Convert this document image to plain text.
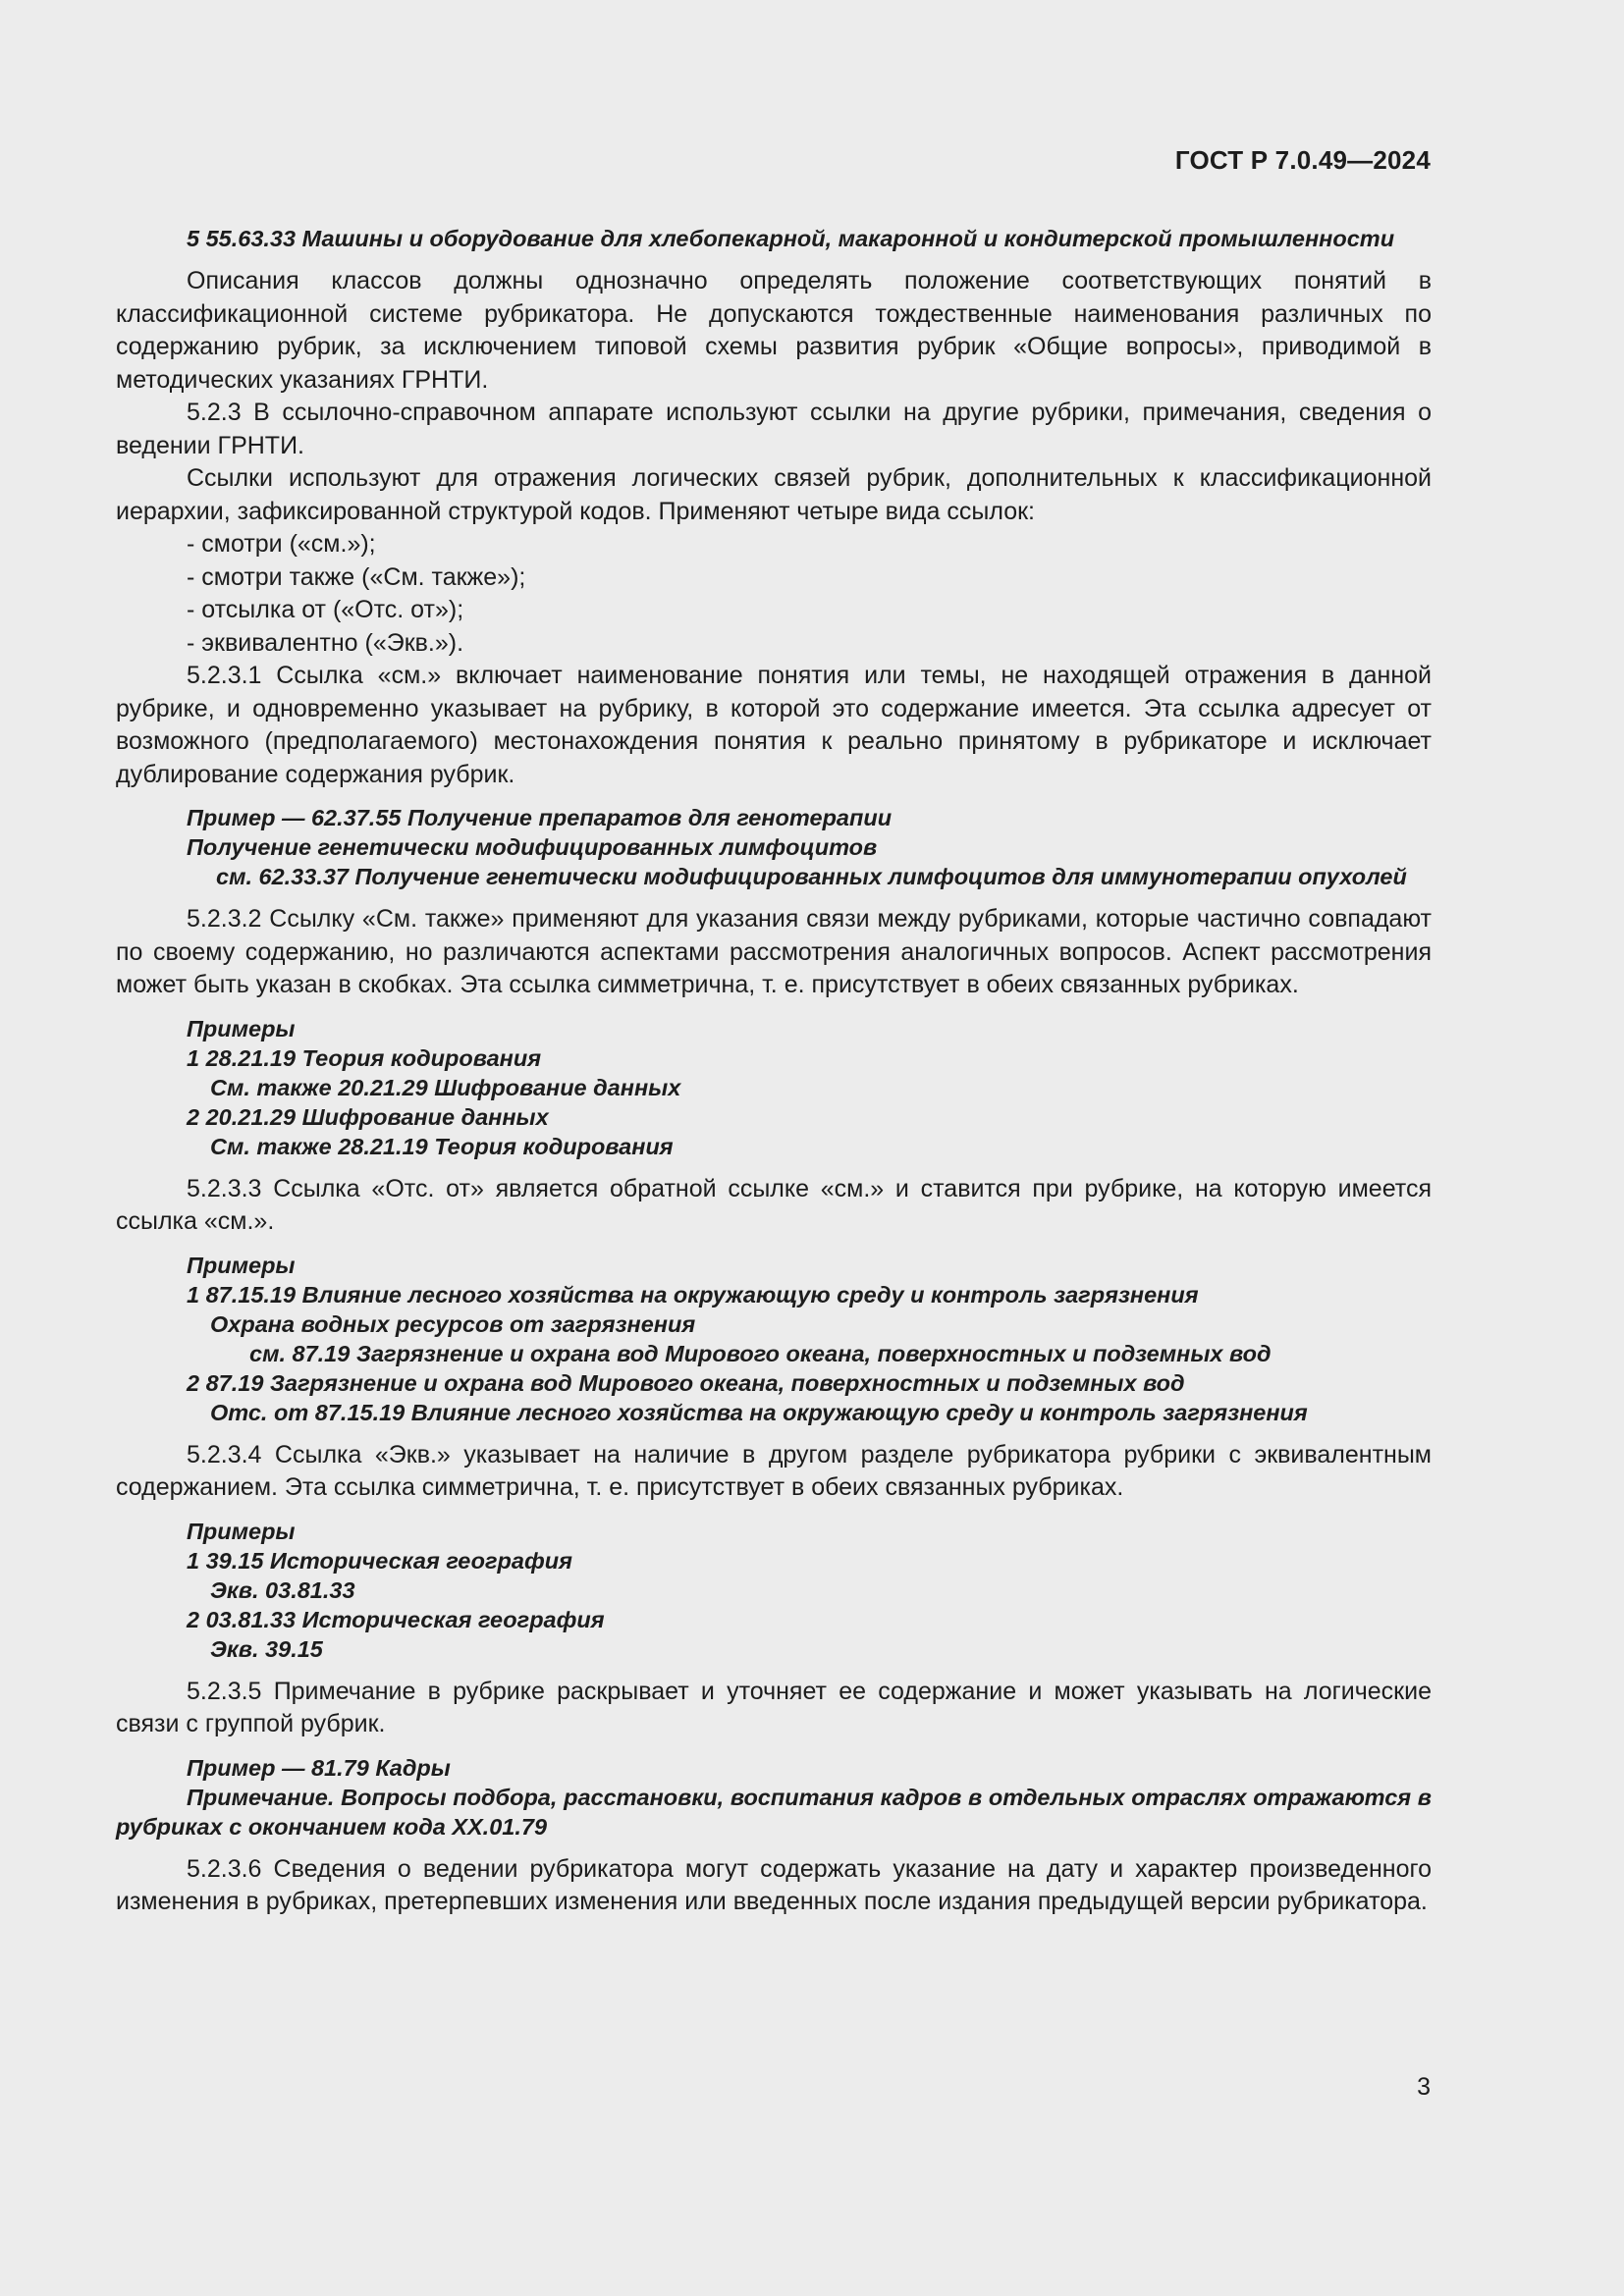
ГОСТ Р 7.0.49—2024

5 55.63.33 Машины и оборудование для хлебопекарной, макаронной и кондитерской промышленности

Описания классов должны однозначно определять положение соответствующих понятий в классификационной системе рубрикатора. Не допускаются тождественные наименования различных по содержанию рубрик, за исключением типовой схемы развития рубрик «Общие вопросы», приводимой в методических указаниях ГРНТИ.

5.2.3 В ссылочно-справочном аппарате используют ссылки на другие рубрики, примечания, сведения о ведении ГРНТИ.

Ссылки используют для отражения логических связей рубрик, дополнительных к классификационной иерархии, зафиксированной структурой кодов. Применяют четыре вида ссылок:

- смотри («см.»);

- смотри также («См. также»);

- отсылка от («Отс. от»);

- эквивалентно («Экв.»).

5.2.3.1 Ссылка «см.» включает наименование понятия или темы, не находящей отражения в данной рубрике, и одновременно указывает на рубрику, в которой это содержание имеется. Эта ссылка адресует от возможного (предполагаемого) местонахождения понятия к реально принятому в рубрикаторе и исключает дублирование содержания рубрик.

Пример — 62.37.55 Получение препаратов для генотерапии

Получение генетически модифицированных лимфоцитов

см. 62.33.37 Получение генетически модифицированных лимфоцитов для иммунотерапии опухолей

5.2.3.2 Ссылку «См. также» применяют для указания связи между рубриками, которые частично совпадают по своему содержанию, но различаются аспектами рассмотрения аналогичных вопросов. Аспект рассмотрения может быть указан в скобках. Эта ссылка симметрична, т. е. присутствует в обеих связанных рубриках.

Примеры

1 28.21.19 Теория кодирования

См. также 20.21.29 Шифрование данных

2 20.21.29 Шифрование данных

См. также 28.21.19 Теория кодирования

5.2.3.3 Ссылка «Отс. от» является обратной ссылке «см.» и ставится при рубрике, на которую имеется ссылка «см.».

Примеры

1 87.15.19 Влияние лесного хозяйства на окружающую среду и контроль загрязнения

Охрана водных ресурсов от загрязнения

см. 87.19 Загрязнение и охрана вод Мирового океана, поверхностных и подземных вод

2 87.19 Загрязнение и охрана вод Мирового океана, поверхностных и подземных вод

Отс. от 87.15.19 Влияние лесного хозяйства на окружающую среду и контроль загрязнения

5.2.3.4 Ссылка «Экв.» указывает на наличие в другом разделе рубрикатора рубрики с эквивалентным содержанием. Эта ссылка симметрична, т. е. присутствует в обеих связанных рубриках.

Примеры

1 39.15 Историческая география

Экв. 03.81.33

2 03.81.33 Историческая география

Экв. 39.15

5.2.3.5 Примечание в рубрике раскрывает и уточняет ее содержание и может указывать на логические связи с группой рубрик.

Пример — 81.79 Кадры

Примечание. Вопросы подбора, расстановки, воспитания кадров в отдельных отраслях отражаются в рубриках с окончанием кода XX.01.79

5.2.3.6 Сведения о ведении рубрикатора могут содержать указание на дату и характер произведенного изменения в рубриках, претерпевших изменения или введенных после издания предыдущей версии рубрикатора.

3
